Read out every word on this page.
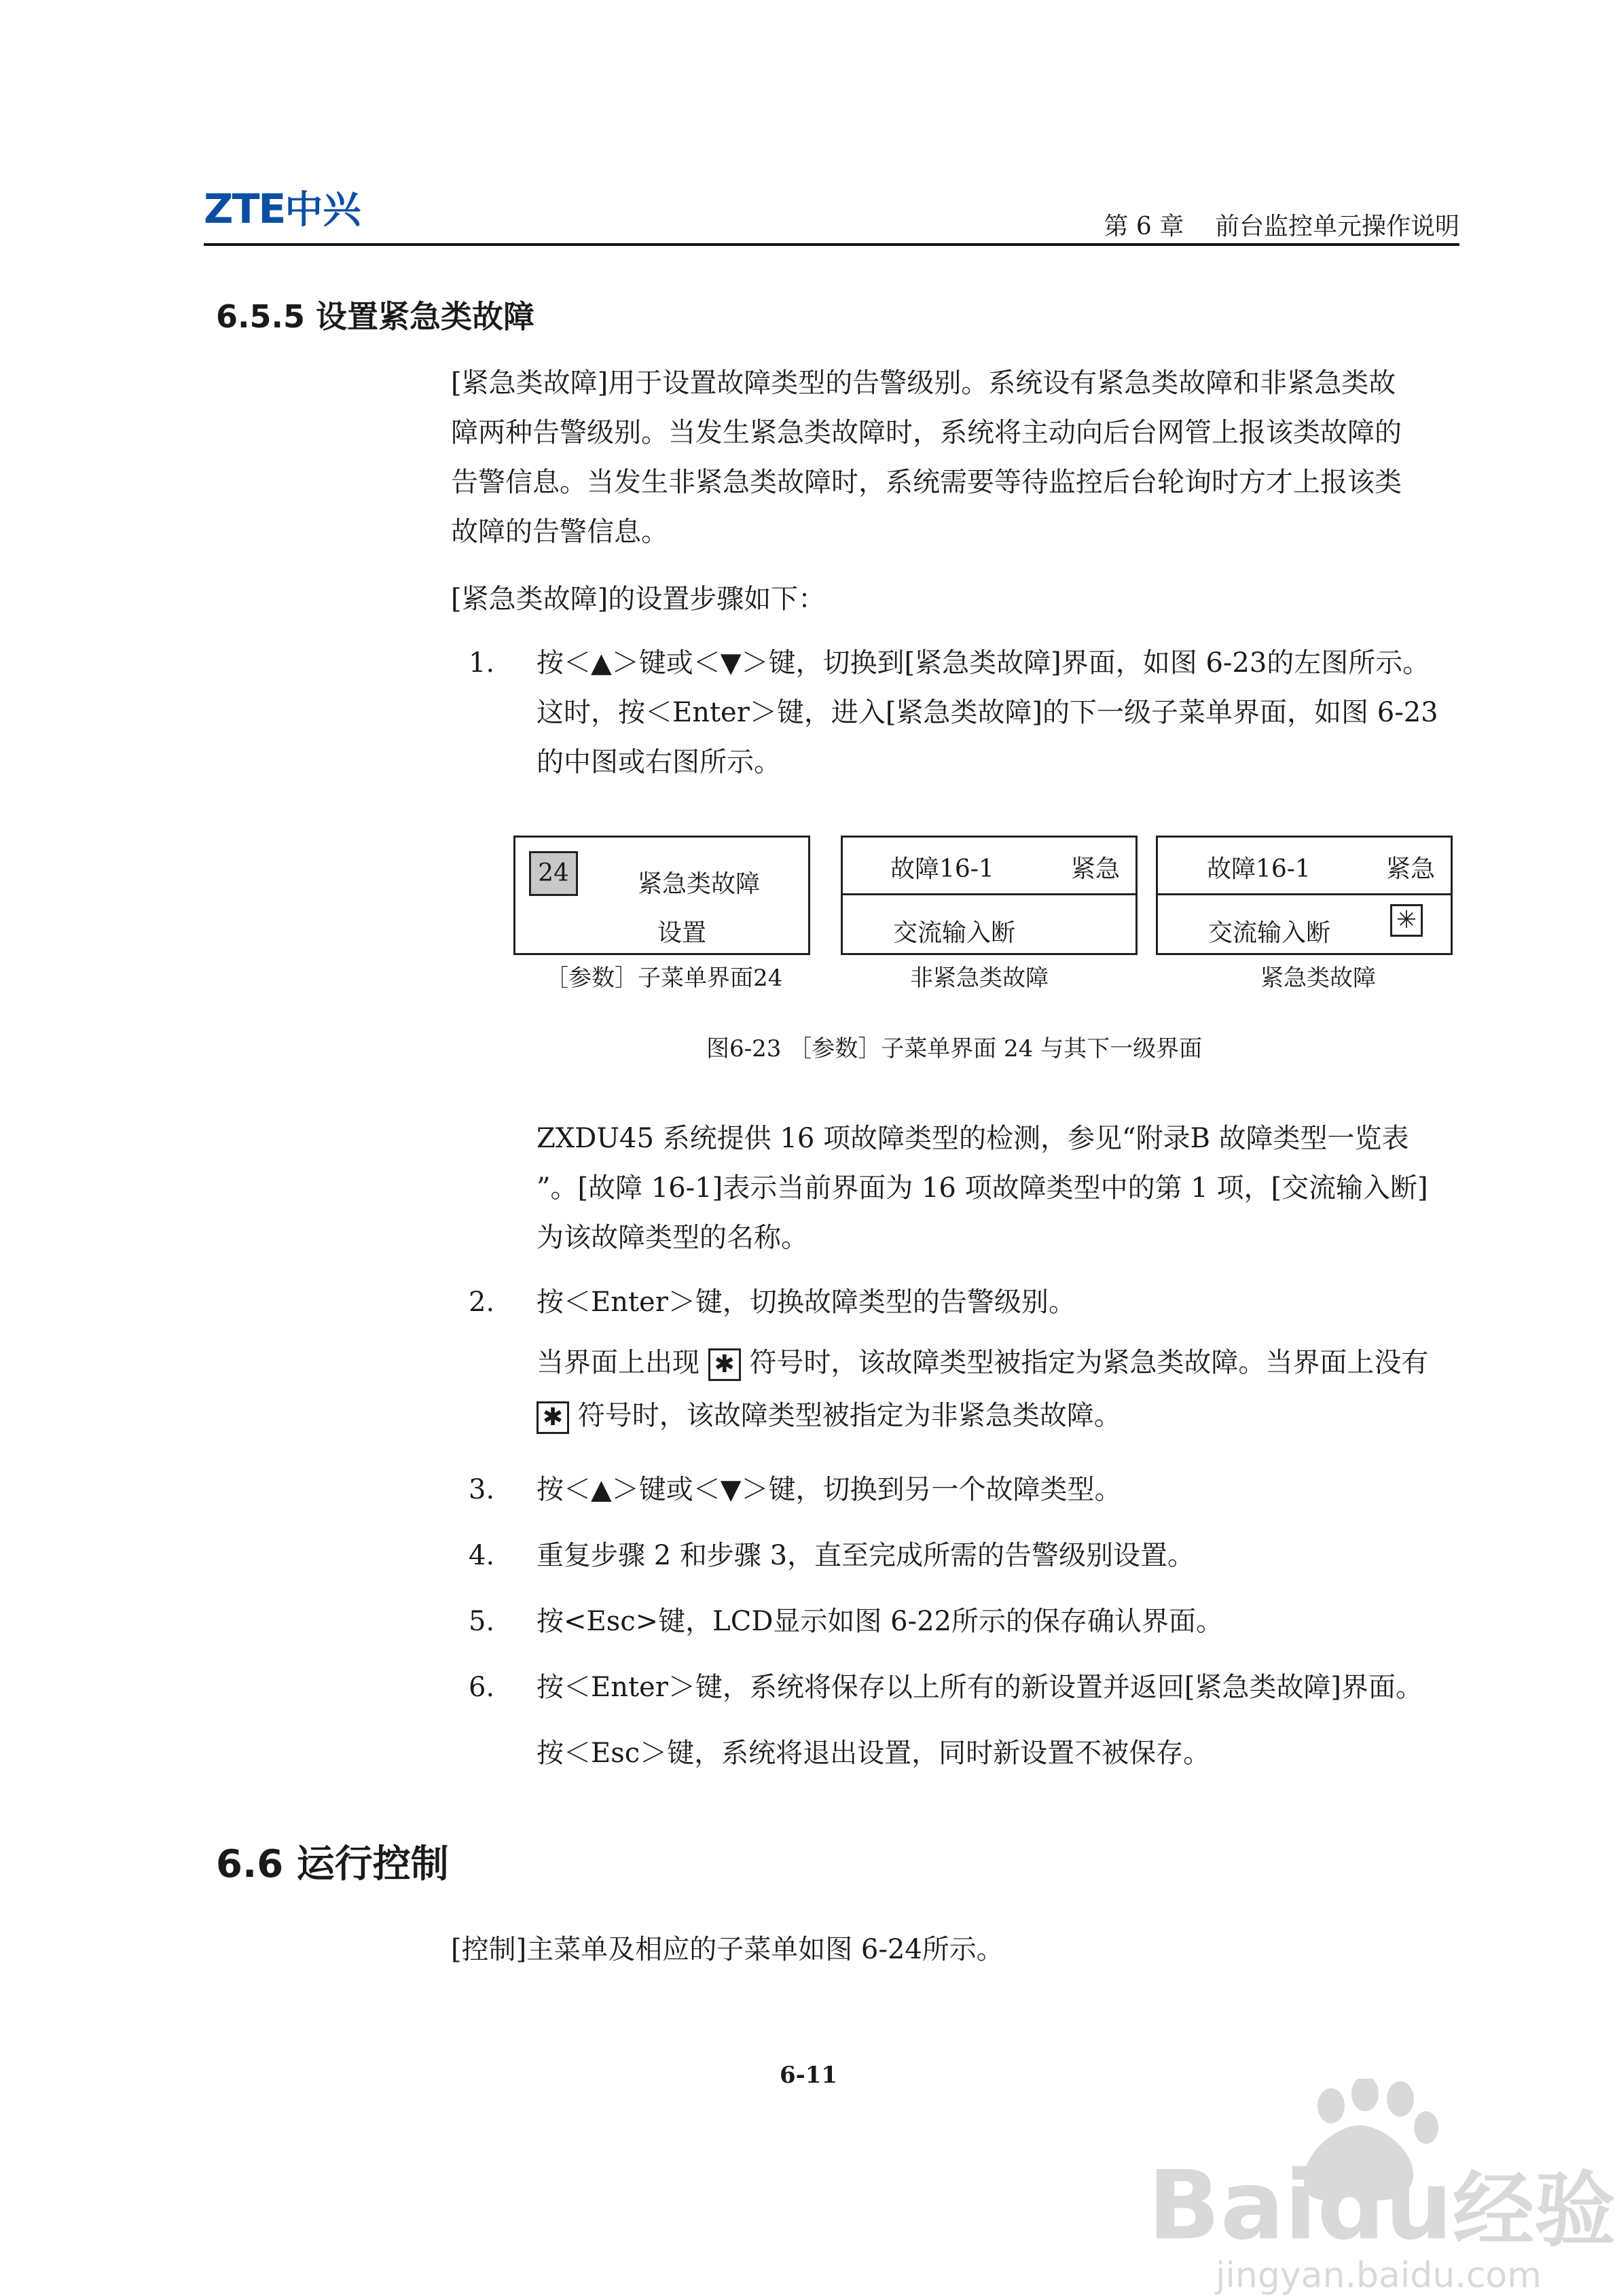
ZTE中兴	第 6 章    前台监控单元操作说明
6.5.5 设置紧急类故障
[紧急类故障]用于设置故障类型的告警级别。系统设有紧急类故障和非紧急类故
障两种告警级别。当发生紧急类故障时，系统将主动向后台网管上报该类故障的
告警信息。当发生非紧急类故障时，系统需要等待监控后台轮询时方才上报该类
故障的告警信息。
[紧急类故障]的设置步骤如下：
1. 按＜▲＞键或＜▼＞键，切换到[紧急类故障]界面，如图 6-23的左图所示。
这时，按＜Enter＞键，进入[紧急类故障]的下一级子菜单界面，如图 6-23
的中图或右图所示。
24	紧急类故障
设置
［参数］子菜单界面24
故障16-1	紧急
交流输入断
非紧急类故障
故障16-1	紧急
交流输入断	✳
紧急类故障
图6-23 ［参数］子菜单界面 24 与其下一级界面
ZXDU45 系统提供 16 项故障类型的检测，参见“附录B 故障类型一览表
”。[故障 16-1]表示当前界面为 16 项故障类型中的第 1 项，[交流输入断]
为该故障类型的名称。
2. 按＜Enter＞键，切换故障类型的告警级别。
当界面上出现 ✱ 符号时，该故障类型被指定为紧急类故障。当界面上没有
✱ 符号时，该故障类型被指定为非紧急类故障。
3. 按＜▲＞键或＜▼＞键，切换到另一个故障类型。
4. 重复步骤 2 和步骤 3，直至完成所需的告警级别设置。
5. 按<Esc>键，LCD显示如图 6-22所示的保存确认界面。
6. 按＜Enter＞键，系统将保存以上所有的新设置并返回[紧急类故障]界面。
按＜Esc＞键，系统将退出设置，同时新设置不被保存。
6.6 运行控制
[控制]主菜单及相应的子菜单如图 6-24所示。
6-11
Baidu经验
jingyan.baidu.com
